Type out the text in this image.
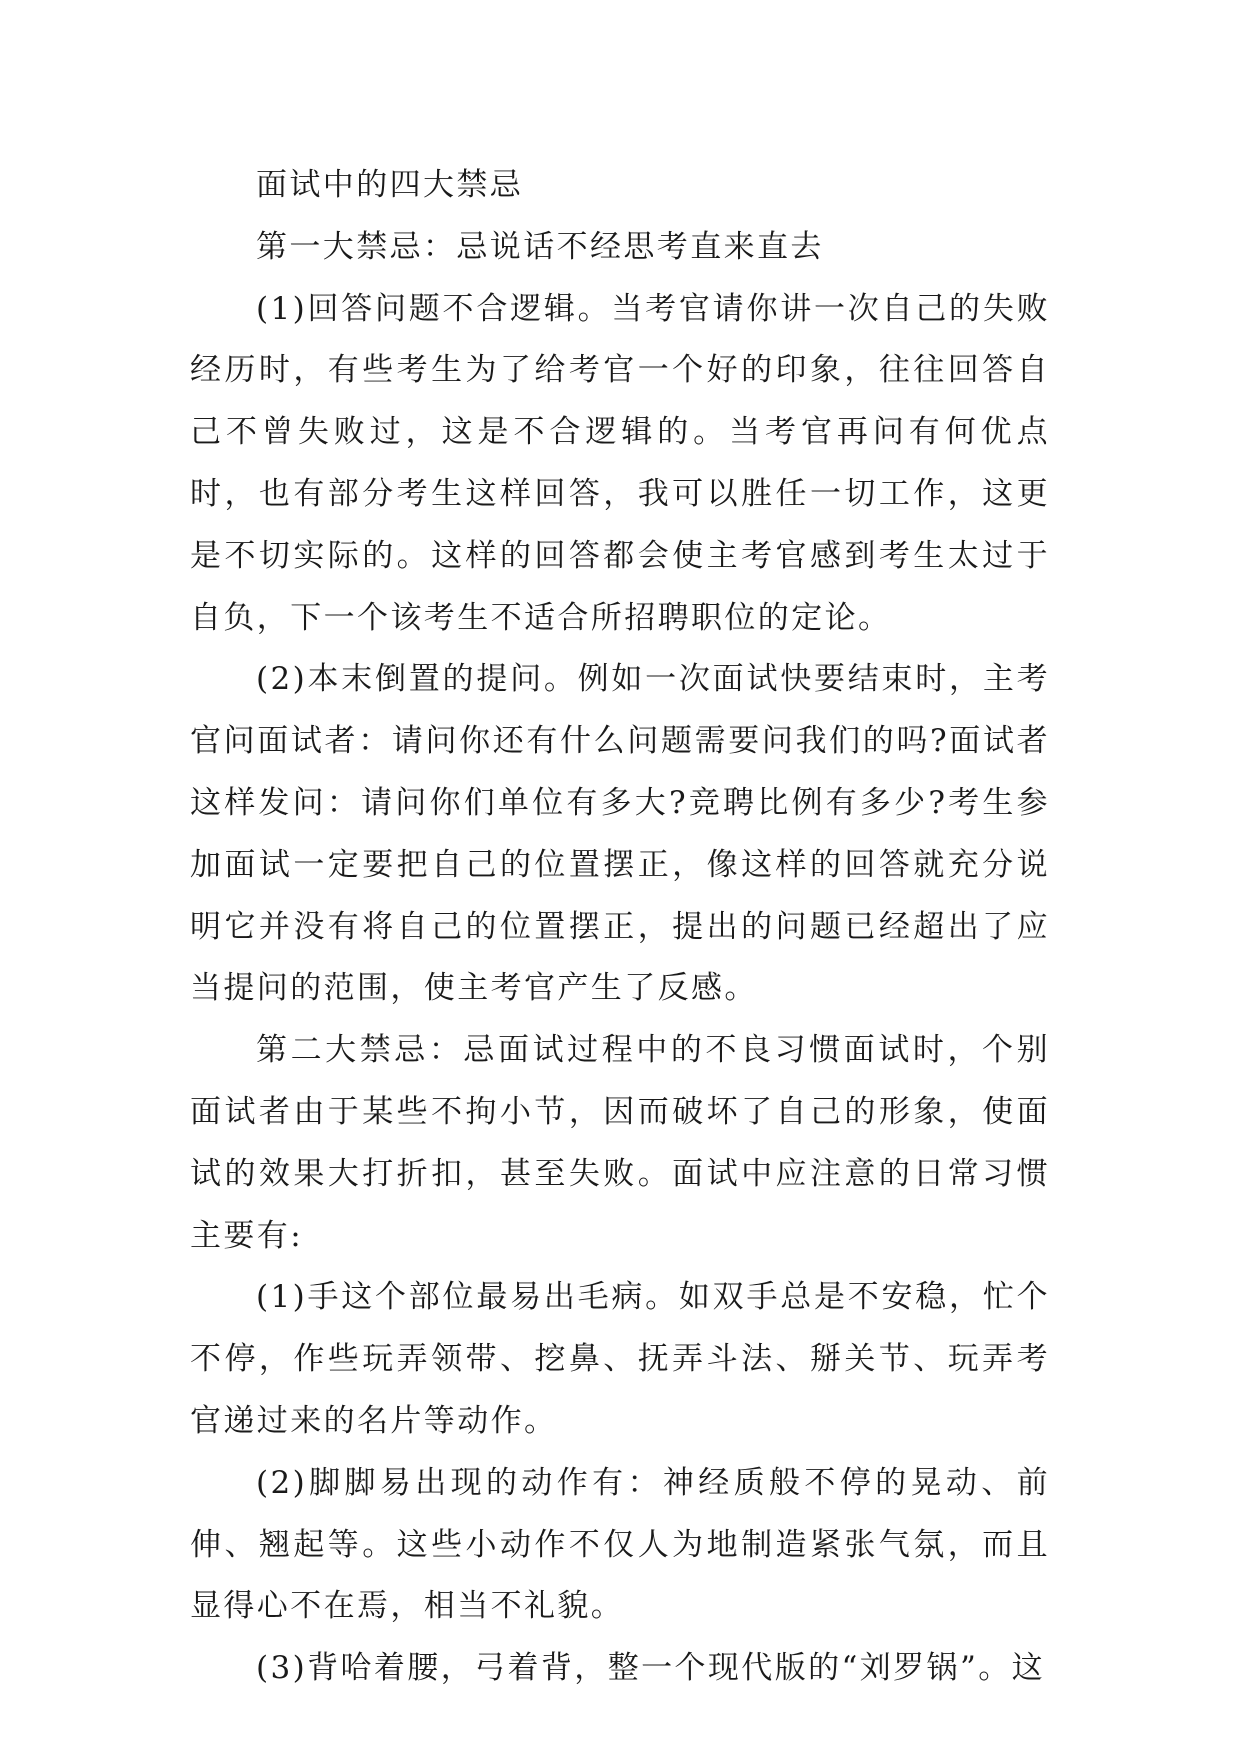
面试中的四大禁忌

第一大禁忌：忌说话不经思考直来直去

(1)回答问题不合逻辑。当考官请你讲一次自己的失败经历时，有些考生为了给考官一个好的印象，往往回答自己不曾失败过，这是不合逻辑的。当考官再问有何优点时，也有部分考生这样回答，我可以胜任一切工作，这更是不切实际的。这样的回答都会使主考官感到考生太过于自负，下一个该考生不适合所招聘职位的定论。

(2)本末倒置的提问。例如一次面试快要结束时，主考官问面试者：请问你还有什么问题需要问我们的吗?面试者这样发问：请问你们单位有多大?竞聘比例有多少?考生参加面试一定要把自己的位置摆正，像这样的回答就充分说明它并没有将自己的位置摆正，提出的问题已经超出了应当提问的范围，使主考官产生了反感。

第二大禁忌：忌面试过程中的不良习惯面试时，个别面试者由于某些不拘小节，因而破坏了自己的形象，使面试的效果大打折扣，甚至失败。面试中应注意的日常习惯主要有:

(1)手这个部位最易出毛病。如双手总是不安稳，忙个不停，作些玩弄领带、挖鼻、抚弄斗法、掰关节、玩弄考官递过来的名片等动作。

(2)脚脚易出现的动作有：神经质般不停的晃动、前伸、翘起等。这些小动作不仅人为地制造紧张气氛，而且显得心不在焉，相当不礼貌。

(3)背哈着腰，弓着背，整一个现代版的“刘罗锅”。这
